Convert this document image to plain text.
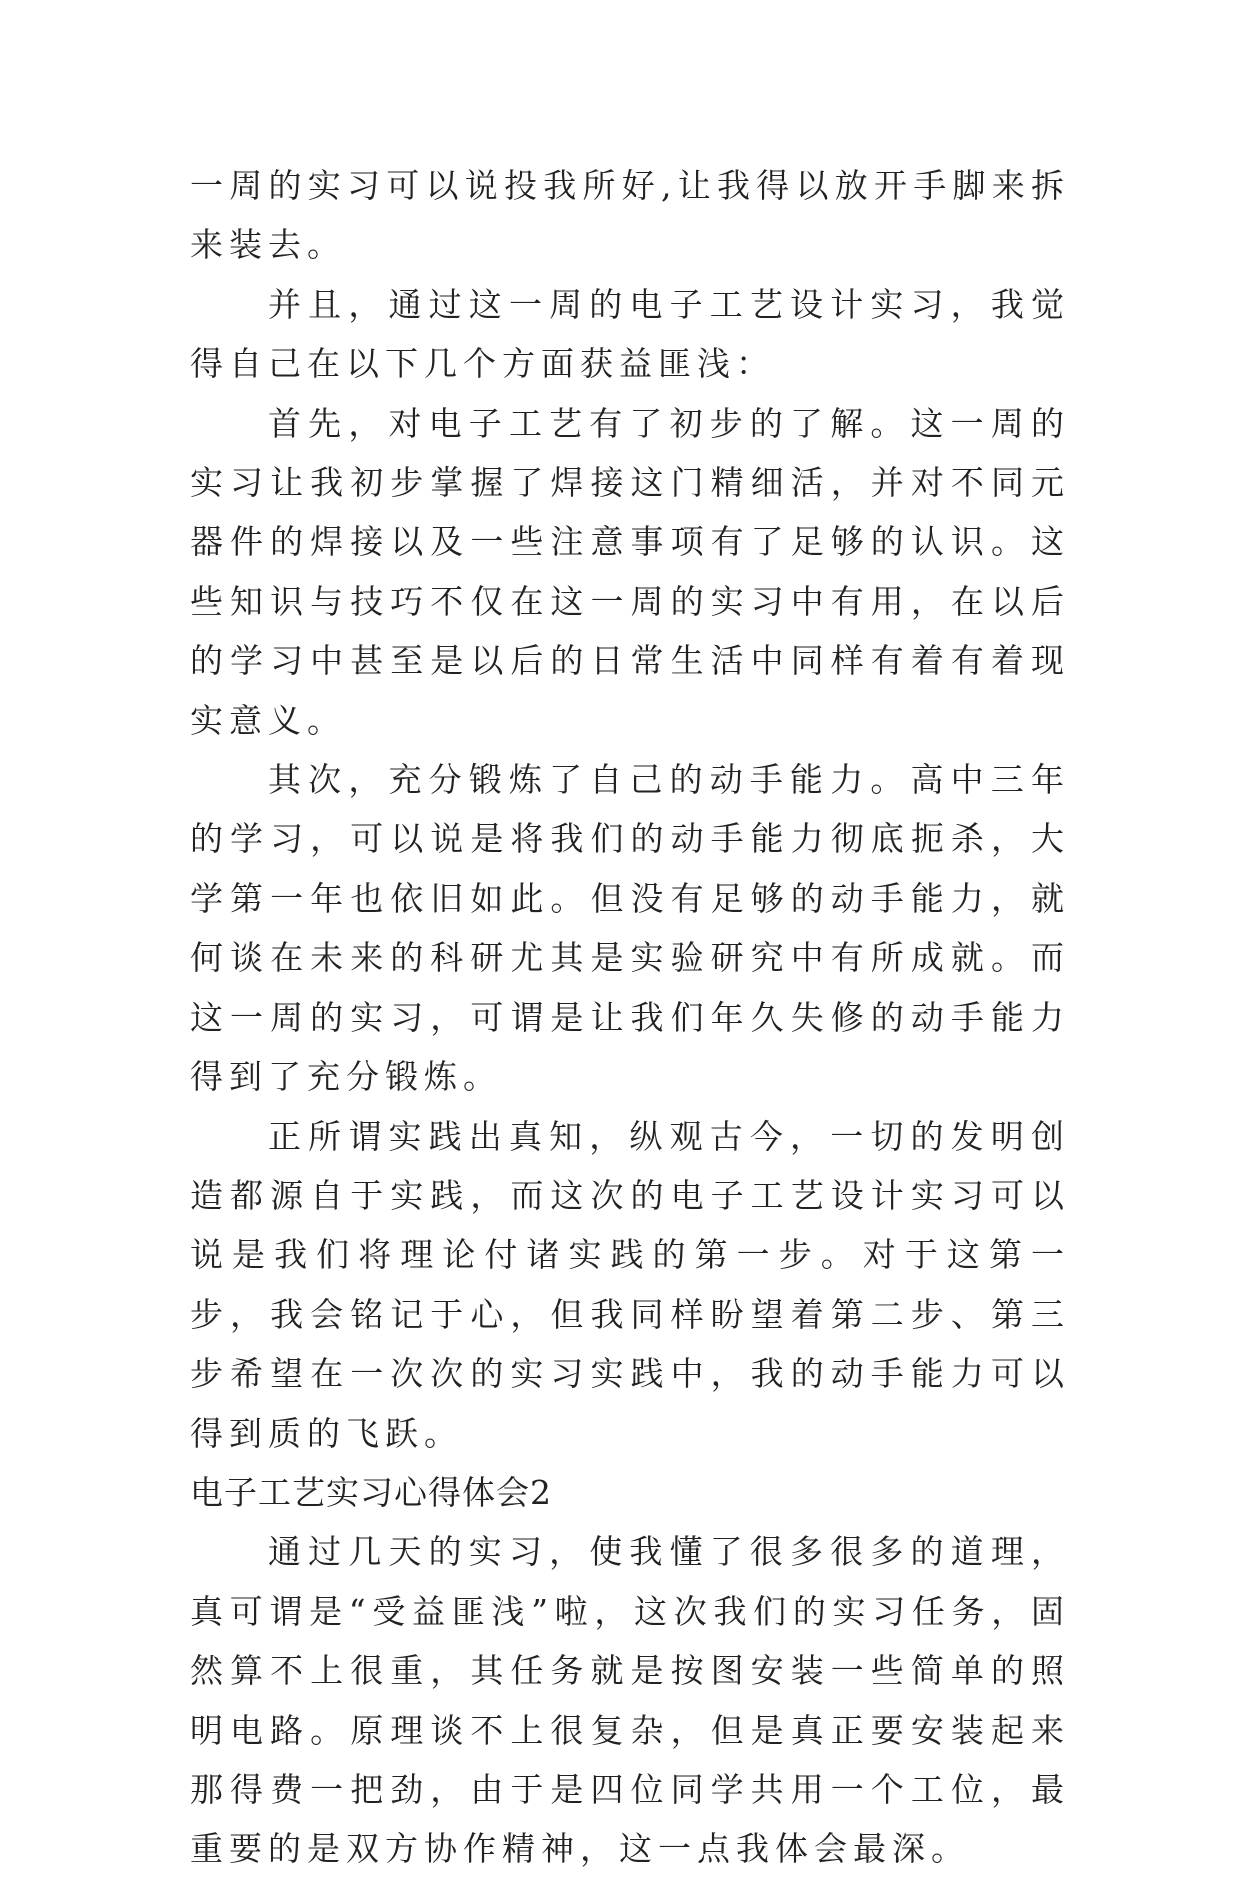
一周的实习可以说投我所好,让我得以放开手脚来拆来装去。

并且，通过这一周的电子工艺设计实习，我觉得自己在以下几个方面获益匪浅：

首先，对电子工艺有了初步的了解。这一周的实习让我初步掌握了焊接这门精细活，并对不同元器件的焊接以及一些注意事项有了足够的认识。这些知识与技巧不仅在这一周的实习中有用，在以后的学习中甚至是以后的日常生活中同样有着有着现实意义。

其次，充分锻炼了自己的动手能力。高中三年的学习，可以说是将我们的动手能力彻底扼杀，大学第一年也依旧如此。但没有足够的动手能力，就何谈在未来的科研尤其是实验研究中有所成就。而这一周的实习，可谓是让我们年久失修的动手能力得到了充分锻炼。

正所谓实践出真知，纵观古今，一切的发明创造都源自于实践，而这次的电子工艺设计实习可以说是我们将理论付诸实践的第一步。对于这第一步，我会铭记于心，但我同样盼望着第二步、第三步希望在一次次的实习实践中，我的动手能力可以得到质的飞跃。

电子工艺实习心得体会2

通过几天的实习，使我懂了很多很多的道理，真可谓是“受益匪浅”啦，这次我们的实习任务，固然算不上很重，其任务就是按图安装一些简单的照明电路。原理谈不上很复杂，但是真正要安装起来那得费一把劲，由于是四位同学共用一个工位，最重要的是双方协作精神，这一点我体会最深。
